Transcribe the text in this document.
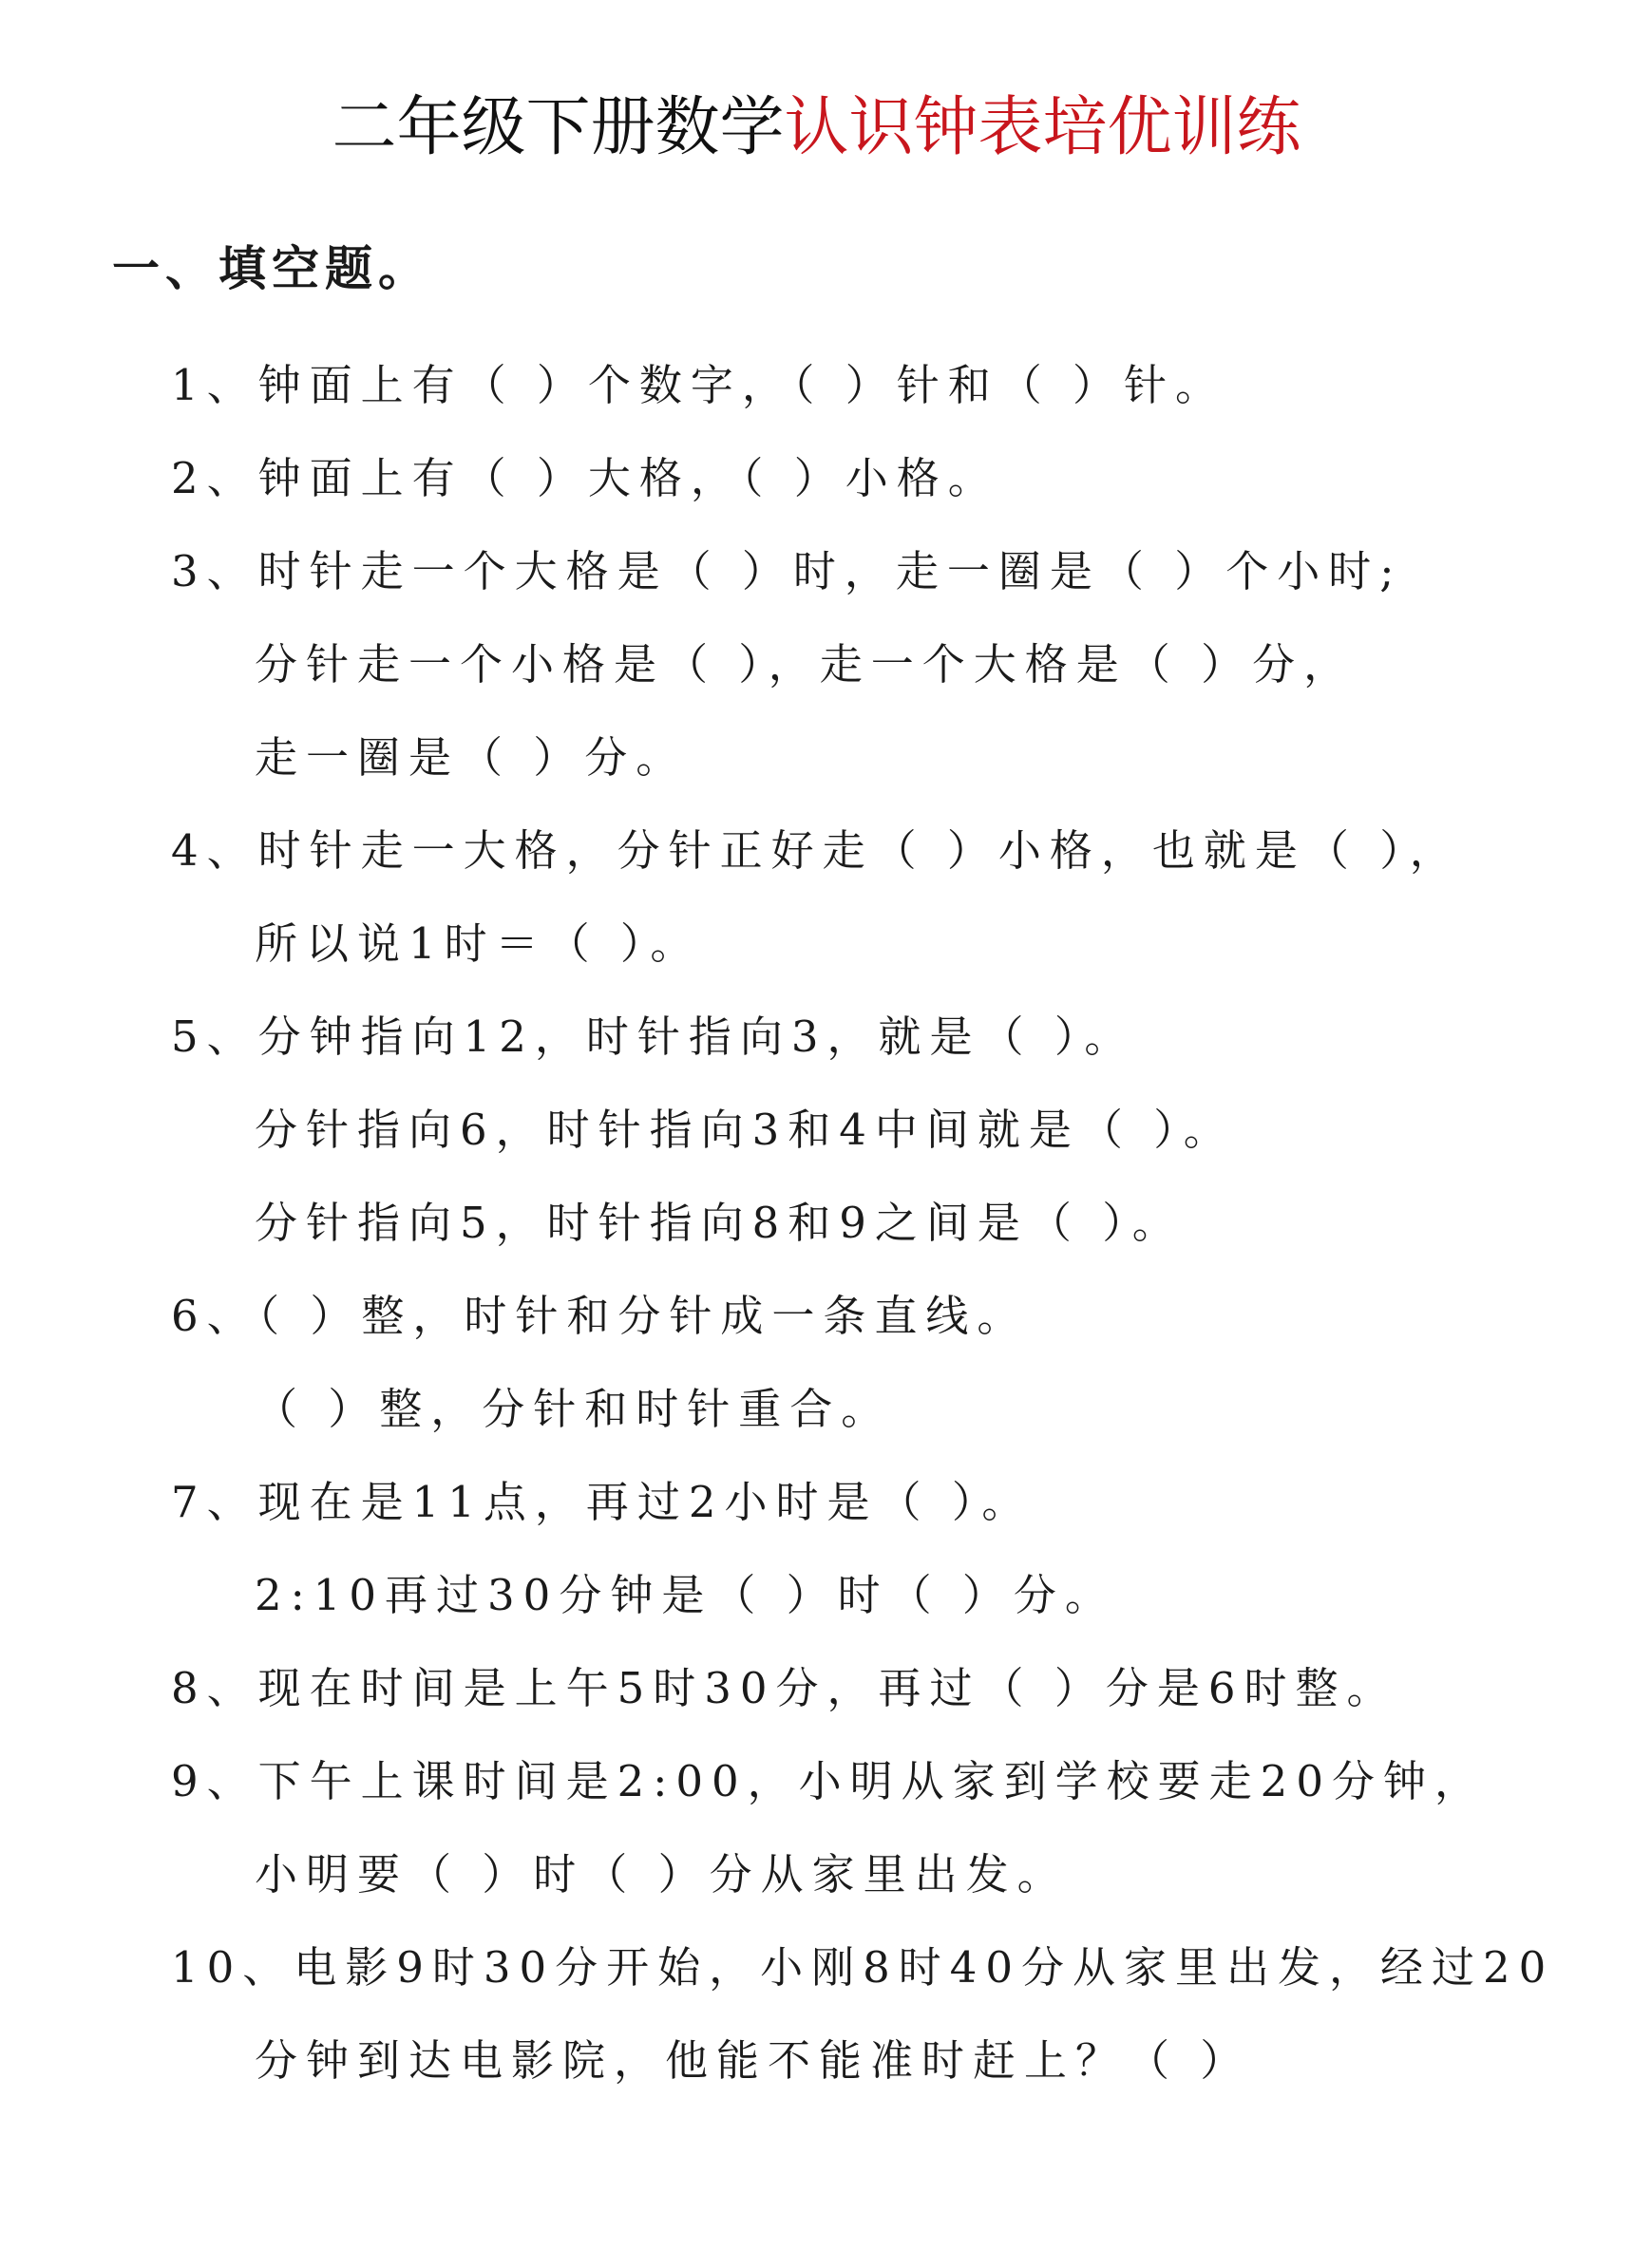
二年级下册数学认识钟表培优训练
一、填空题。
1、钟面上有（ ）个数字，（ ）针和（ ）针。
2、钟面上有（ ）大格，（ ）小格。
3、时针走一个大格是（ ）时，走一圈是（ ）个小时;
分针走一个小格是（ ），走一个大格是（ ）分，
走一圈是（ ）分。
4、时针走一大格，分针正好走（ ）小格，也就是（ ），
所以说1时＝（ ）。
5、分钟指向12，时针指向3，就是（ ）。
分针指向6，时针指向3和4中间就是（ ）。
分针指向5，时针指向8和9之间是（ ）。
6、（ ）整，时针和分针成一条直线。
（ ）整，分针和时针重合。
7、现在是11点，再过2小时是（ ）。
2:10再过30分钟是（ ）时（ ）分。
8、现在时间是上午5时30分，再过（ ）分是6时整。
9、下午上课时间是2:00，小明从家到学校要走20分钟，
小明要（ ）时（ ）分从家里出发。
10、电影9时30分开始，小刚8时40分从家里出发，经过20
分钟到达电影院，他能不能准时赶上？（ ）
